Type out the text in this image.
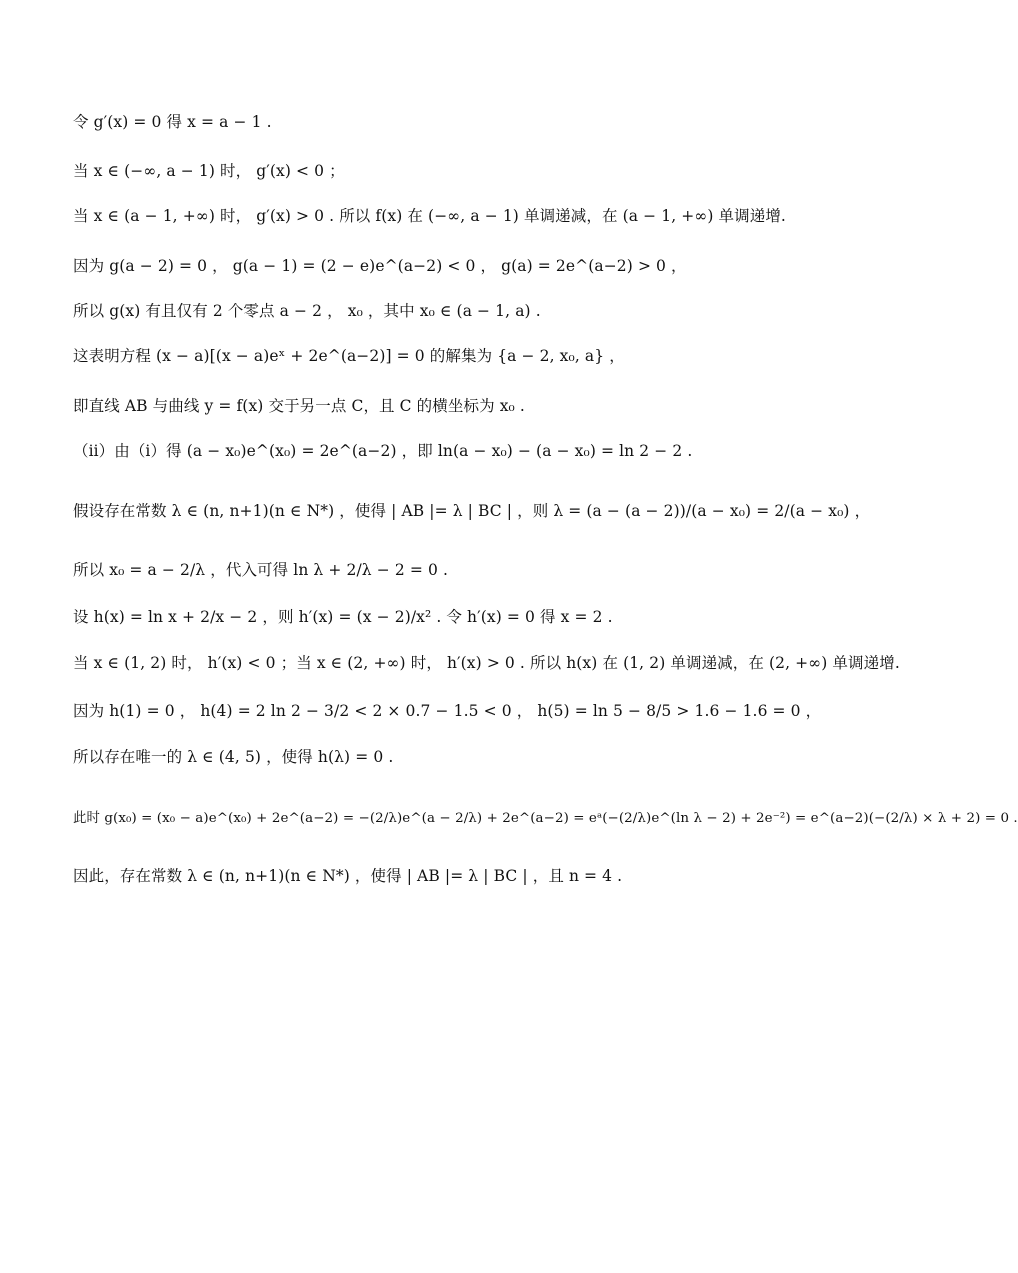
令 g′(x) = 0 得 x = a − 1 .
当 x ∈ (−∞, a − 1) 时， g′(x) < 0 ；
当 x ∈ (a − 1, +∞) 时， g′(x) > 0 . 所以 f(x) 在 (−∞, a − 1) 单调递减，在 (a − 1, +∞) 单调递增.
因为 g(a − 2) = 0 ， g(a − 1) = (2 − e)e^(a−2) < 0 ， g(a) = 2e^(a−2) > 0 ，
所以 g(x) 有且仅有 2 个零点 a − 2 ， x₀ ，其中 x₀ ∈ (a − 1, a) .
这表明方程 (x − a)[(x − a)eˣ + 2e^(a−2)] = 0 的解集为 {a − 2, x₀, a} ，
即直线 AB 与曲线 y = f(x) 交于另一点 C，且 C 的横坐标为 x₀ .
（ⅱ）由（ⅰ）得 (a − x₀)e^(x₀) = 2e^(a−2) ，即 ln(a − x₀) − (a − x₀) = ln 2 − 2 .
假设存在常数 λ ∈ (n, n+1)(n ∈ N*) ，使得 | AB |= λ | BC | ，则 λ = (a − (a − 2))/(a − x₀) = 2/(a − x₀) ，
所以 x₀ = a − 2/λ ，代入可得 ln λ + 2/λ − 2 = 0 .
设 h(x) = ln x + 2/x − 2 ，则 h′(x) = (x − 2)/x² . 令 h′(x) = 0 得 x = 2 .
当 x ∈ (1, 2) 时， h′(x) < 0 ；当 x ∈ (2, +∞) 时， h′(x) > 0 . 所以 h(x) 在 (1, 2) 单调递减，在 (2, +∞) 单调递增.
因为 h(1) = 0 ， h(4) = 2 ln 2 − 3/2 < 2 × 0.7 − 1.5 < 0 ， h(5) = ln 5 − 8/5 > 1.6 − 1.6 = 0 ，
所以存在唯一的 λ ∈ (4, 5) ，使得 h(λ) = 0 .
此时 g(x₀) = (x₀ − a)e^(x₀) + 2e^(a−2) = −(2/λ)e^(a − 2/λ) + 2e^(a−2) = eᵃ(−(2/λ)e^(ln λ − 2) + 2e⁻²) = e^(a−2)(−(2/λ) × λ + 2) = 0 .
因此，存在常数 λ ∈ (n, n+1)(n ∈ N*) ，使得 | AB |= λ | BC | ，且 n = 4 .
